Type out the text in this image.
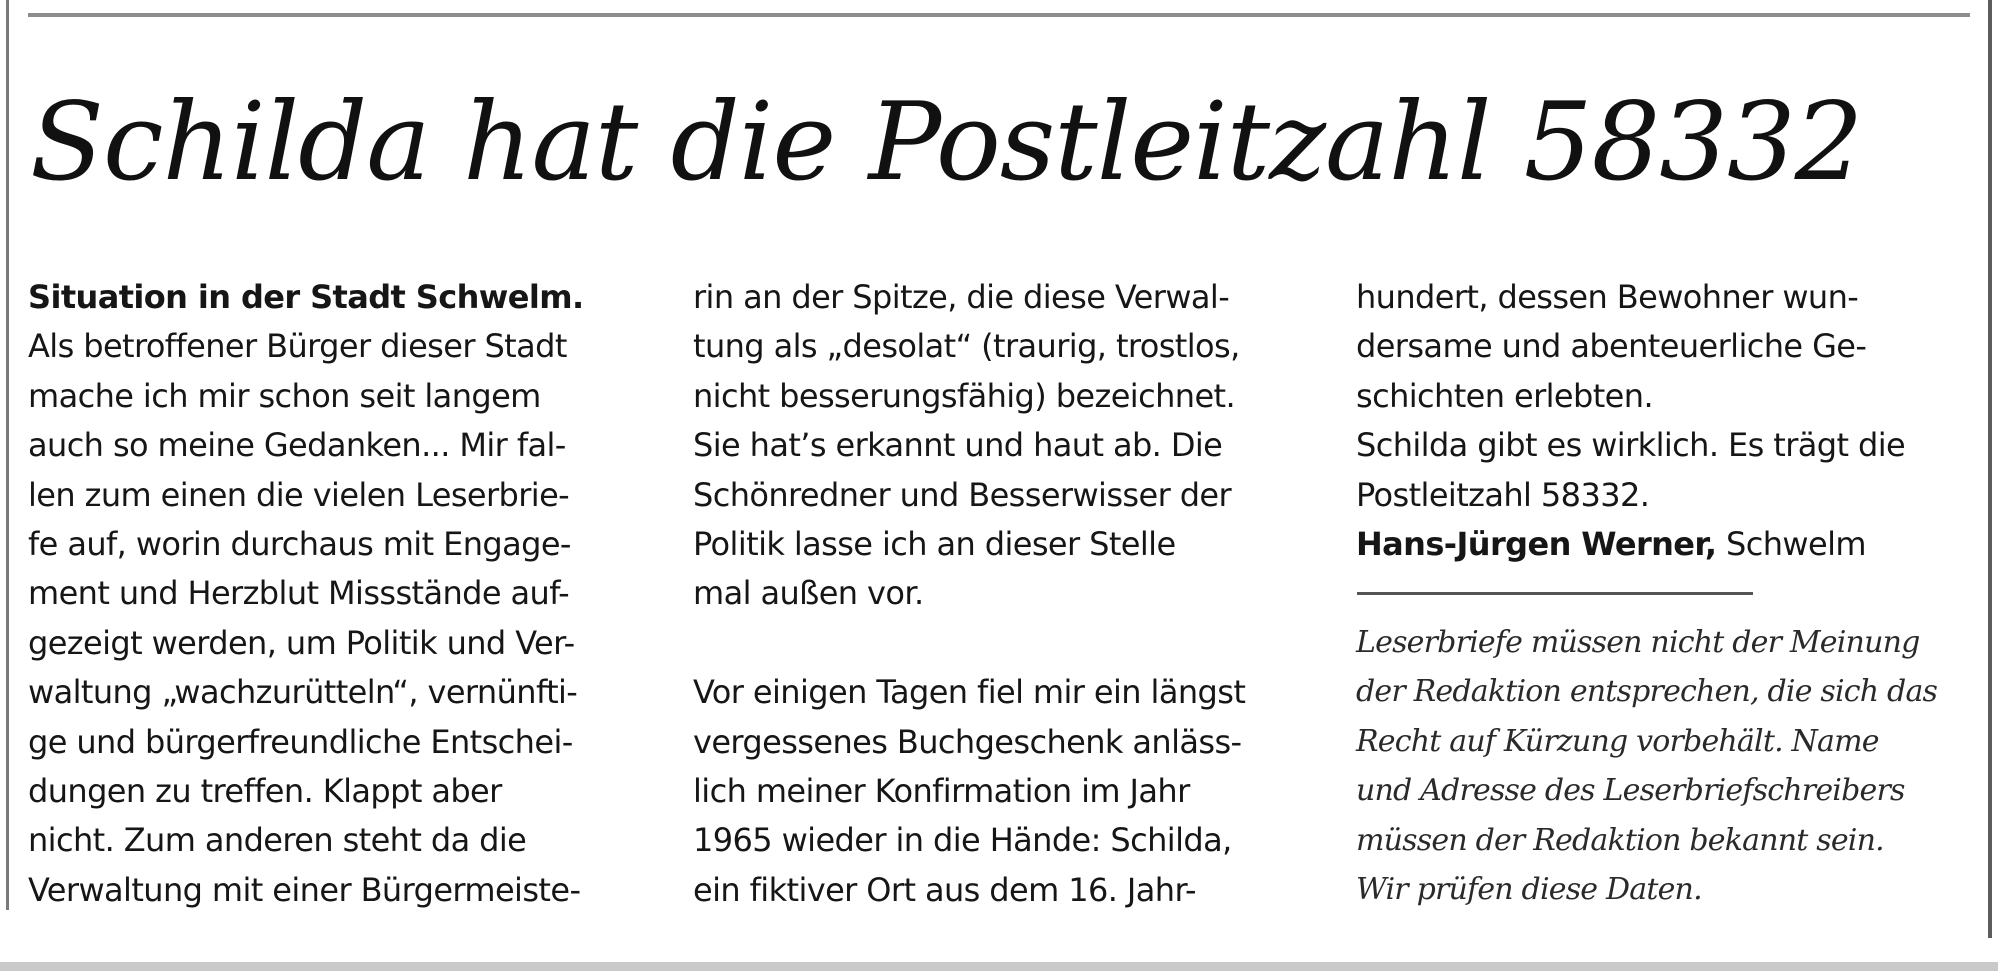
Schilda hat die Postleitzahl 58332
Situation in der Stadt Schwelm.
Als betroffener Bürger dieser Stadt
mache ich mir schon seit langem
auch so meine Gedanken... Mir fal-
len zum einen die vielen Leserbrie-
fe auf, worin durchaus mit Engage-
ment und Herzblut Missstände auf-
gezeigt werden, um Politik und Ver-
waltung „wachzurütteln“, vernünfti-
ge und bürgerfreundliche Entschei-
dungen zu treffen. Klappt aber
nicht. Zum anderen steht da die
Verwaltung mit einer Bürgermeiste-
rin an der Spitze, die diese Verwal-
tung als „desolat“ (traurig, trostlos,
nicht besserungsfähig) bezeichnet.
Sie hat’s erkannt und haut ab. Die
Schönredner und Besserwisser der
Politik lasse ich an dieser Stelle
mal außen vor.
Vor einigen Tagen fiel mir ein längst
vergessenes Buchgeschenk anläss-
lich meiner Konfirmation im Jahr
1965 wieder in die Hände: Schilda,
ein fiktiver Ort aus dem 16. Jahr-
hundert, dessen Bewohner wun-
dersame und abenteuerliche Ge-
schichten erlebten.
Schilda gibt es wirklich. Es trägt die
Postleitzahl 58332.
Hans-Jürgen Werner, Schwelm
Leserbriefe müssen nicht der Meinung
der Redaktion entsprechen, die sich das
Recht auf Kürzung vorbehält. Name
und Adresse des Leserbriefschreibers
müssen der Redaktion bekannt sein.
Wir prüfen diese Daten.
